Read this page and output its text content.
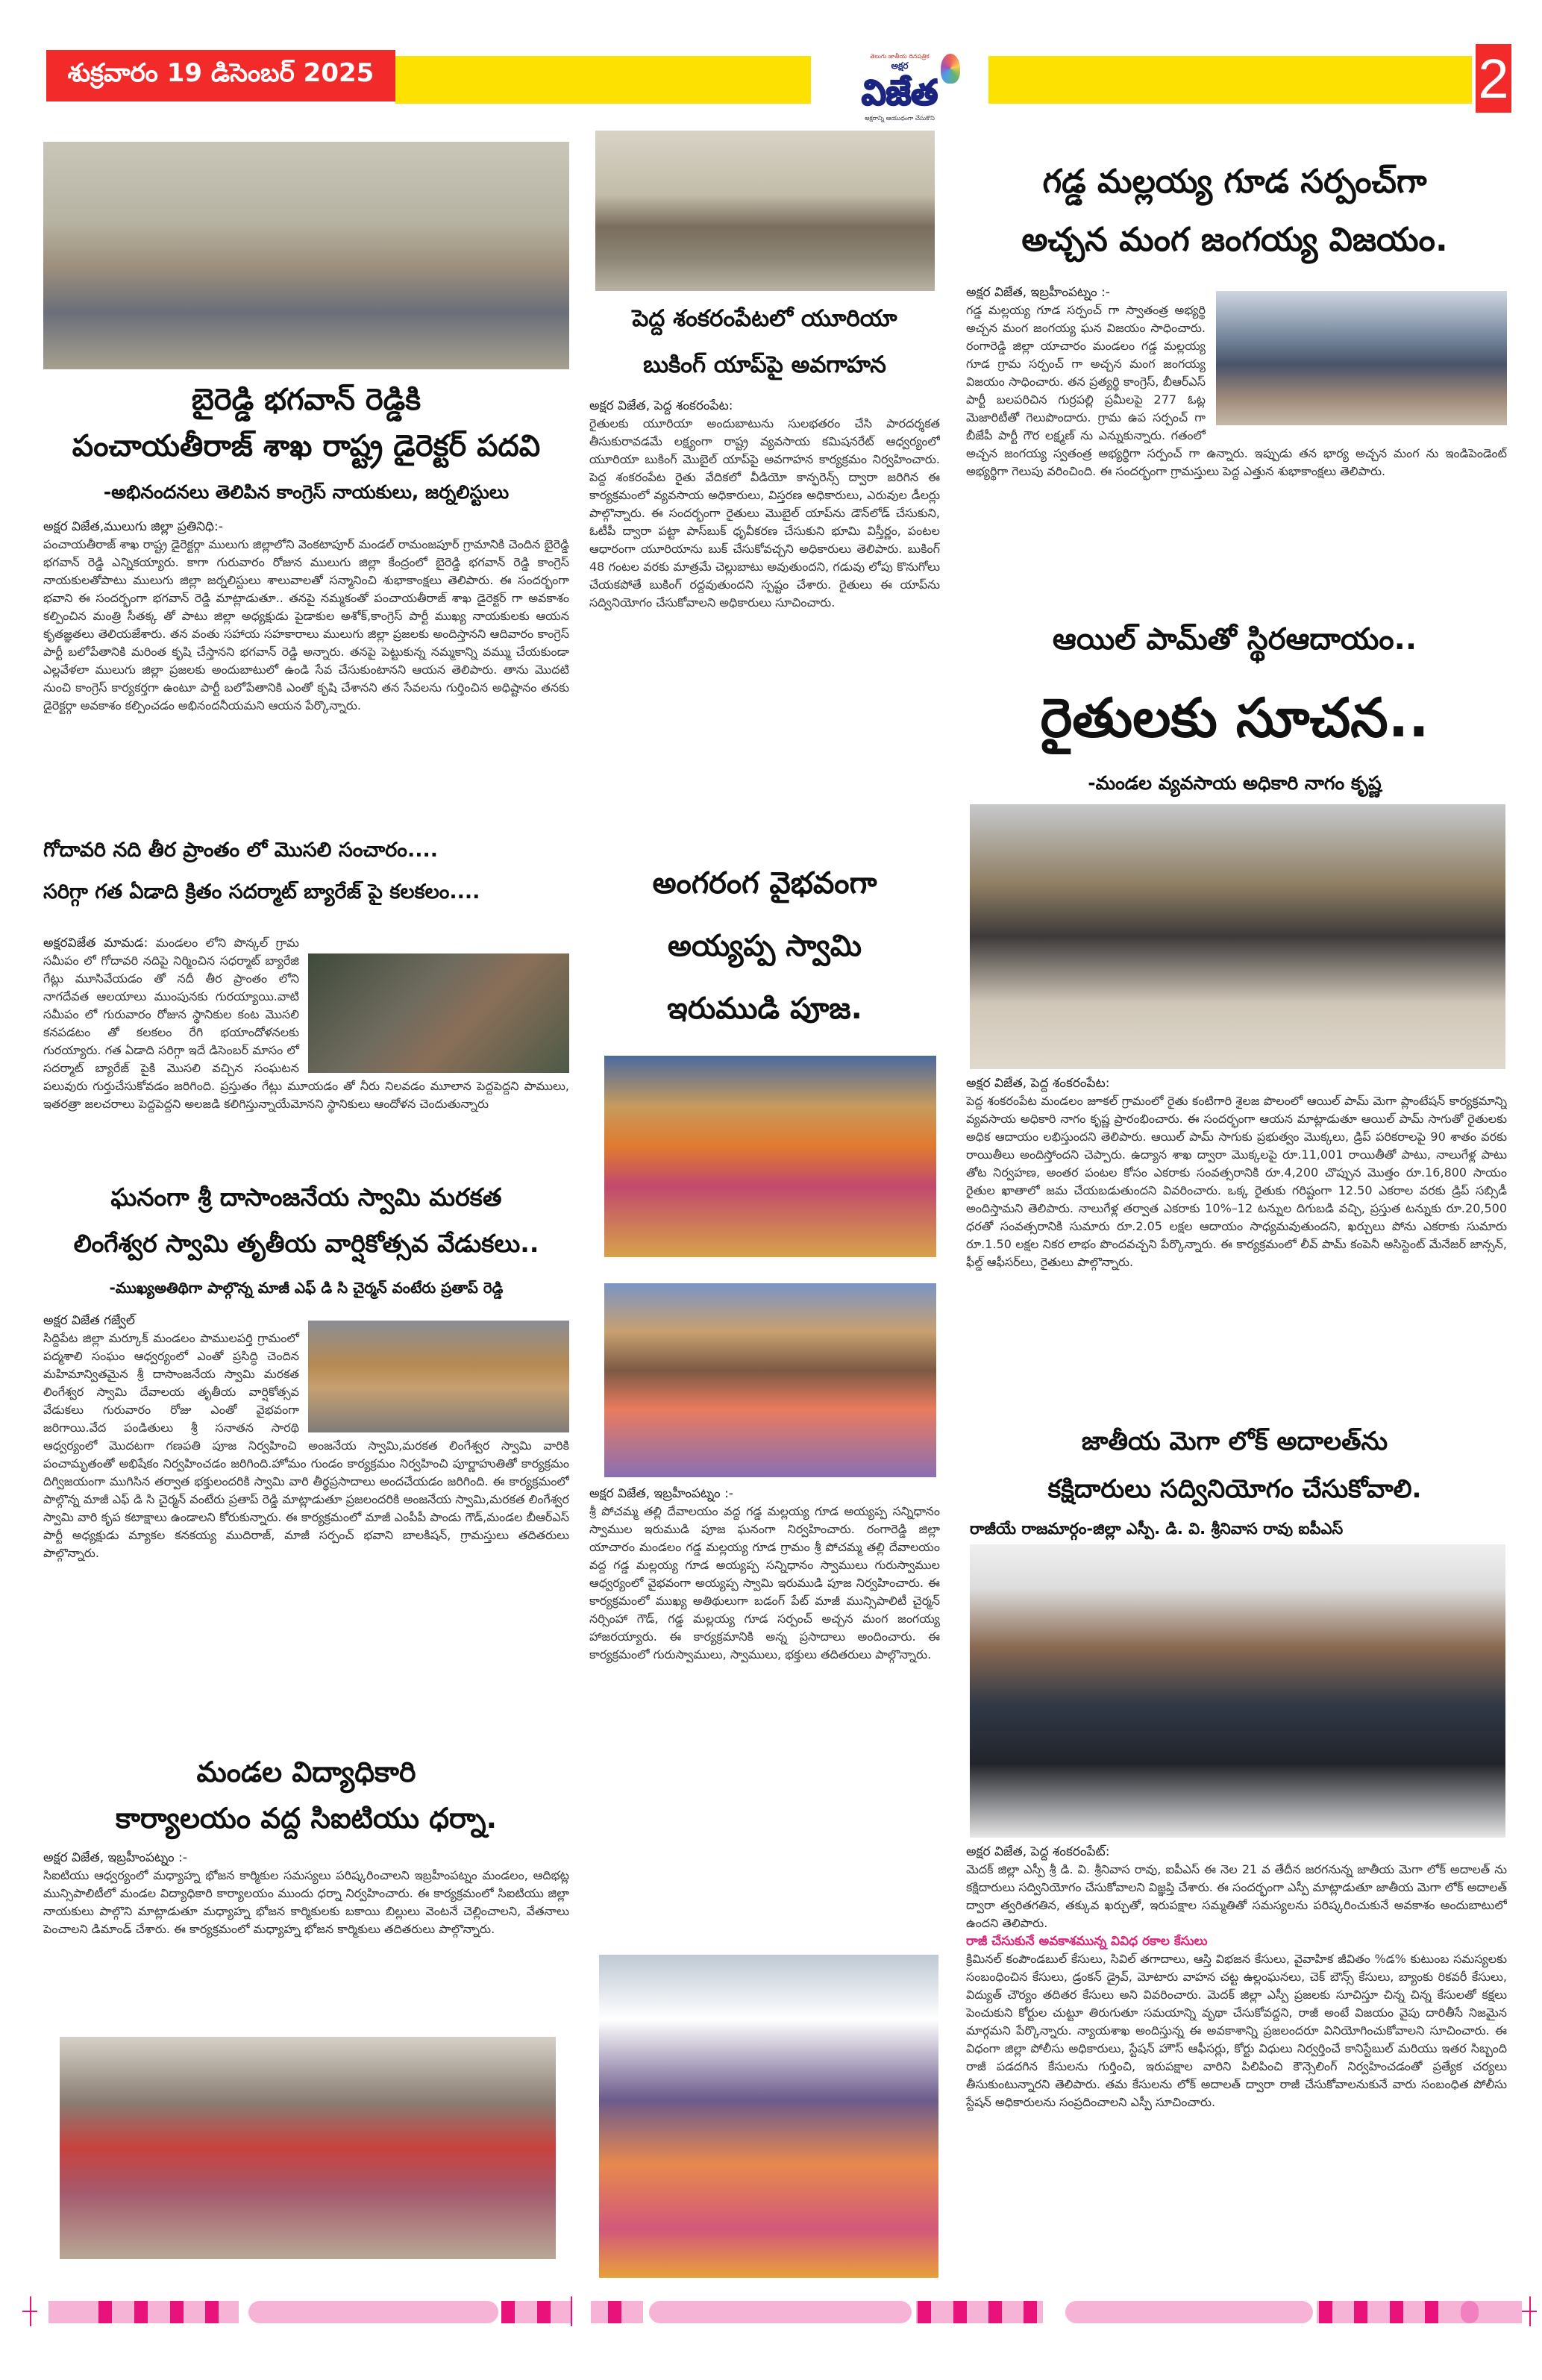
శుక్రవారం 19 డిసెంబర్ 2025
తెలుగు జాతీయ దినపత్రిక
అక్షర
విజేత
అక్షరాన్ని ఆయుధంగా చేసుకొని
2
బైరెడ్డి భగవాన్ రెడ్డికి
పంచాయతీరాజ్ శాఖ రాష్ట్ర డైరెక్టర్ పదవి
-అభినందనలు తెలిపిన కాంగ్రెస్ నాయకులు, జర్నలిస్టులు
అక్షర విజేత,ములుగు జిల్లా ప్రతినిధి:-

పంచాయతీరాజ్ శాఖ రాష్ట్ర డైరెక్టర్గా ములుగు జిల్లాలోని వెంకటాపూర్ మండల్ రామంజపూర్ గ్రామానికి చెందిన బైరెడ్డి భగవాన్ రెడ్డి ఎన్నికయ్యారు. కాగా గురువారం రోజున ములుగు జిల్లా కేంద్రంలో బైరెడ్డి భగవాన్ రెడ్డి కాంగ్రెస్ నాయకులతోపాటు ములుగు జిల్లా జర్నలిస్టులు శాలువాలతో సన్మానించి శుభాకాంక్షలు తెలిపారు. ఈ సందర్భంగా భవాని ఈ సందర్భంగా భగవాన్ రెడ్డి మాట్లాడుతూ.. తనపై నమ్మకంతో పంచాయతీరాజ్ శాఖ డైరెక్టర్ గా అవకాశం కల్పించిన మంత్రి సీతక్క తో పాటు జిల్లా అధ్యక్షుడు పైడాకుల అశోక్,కాంగ్రెస్ పార్టీ ముఖ్య నాయకులకు ఆయన కృతజ్ఞతలు తెలియజేశారు. తన వంతు సహాయ సహకారాలు ములుగు జిల్లా ప్రజలకు అందిస్తానని ఆదివారం కాంగ్రెస్ పార్టీ బలోపేతానికి మరింత కృషి చేస్తానని భగవాన్ రెడ్డి అన్నారు. తనపై పెట్టుకున్న నమ్మకాన్ని వమ్ము చేయకుండా ఎల్లవేళలా ములుగు జిల్లా ప్రజలకు అందుబాటులో ఉండి సేవ చేసుకుంటానని ఆయన తెలిపారు. తాను మొదటి నుంచి కాంగ్రెస్ కార్యకర్తగా ఉంటూ పార్టీ బలోపేతానికి ఎంతో కృషి చేశానని తన సేవలను గుర్తించిన అధిష్టానం తనకు డైరెక్టర్గా అవకాశం కల్పించడం అభినందనీయమని ఆయన పేర్కొన్నారు.

గోదావరి నది తీర ప్రాంతం లో మొసలి సంచారం....
సరిగ్గా గత ఏడాది క్రితం సదర్మాట్ బ్యారేజ్ పై కలకలం....
అక్షరవిజేత మామడ: మండలం లోని పొన్కల్ గ్రామ సమీపం లో గోదావరి నదిపై నిర్మించిన సధర్మాట్ బ్యారేజి గేట్లు మూసివేయడం తో నదీ తీర ప్రాంతం లోని నాగదేవత ఆలయాలు ముంపునకు గురయ్యాయి.వాటి సమీపం లో గురువారం రోజున స్థానికుల కంట మొసలి కనపడటం తో కలకలం రేగి భయాందోళనలకు గురయ్యారు. గత ఏడాది సరిగ్గా ఇదే డిసెంబర్ మాసం లో సదర్మాట్ బ్యారేజ్ పైకి మొసలి వచ్చిన సంఘటన పలువురు గుర్తుచేసుకోవడం జరిగింది. ప్రస్తుతం గేట్లు మూయడం తో నీరు నిలవడం మూలాన పెద్దపెద్దని పాములు, ఇతరత్రా జలచరాలు పెద్దపెద్దని అలజడి కలిగిస్తున్నాయేమోనని స్థానికులు ఆందోళన చెందుతున్నారు
ఘనంగా శ్రీ దాసాంజనేయ స్వామి మరకత
లింగేశ్వర స్వామి తృతీయ వార్షికోత్సవ వేడుకలు..
-ముఖ్యఅతిథిగా పాల్గొన్న మాజీ ఎఫ్ డి సి చైర్మన్ వంటేరు ప్రతాప్ రెడ్డి
అక్షర విజేత గజ్వేల్

సిద్దిపేట జిల్లా మర్కూక్ మండలం పాములపర్తి గ్రామంలో పద్మశాలి సంఘం ఆధ్వర్యంలో ఎంతో ప్రసిద్ధి చెందిన మహిమాన్వితమైన శ్రీ దాసాంజనేయ స్వామి మరకత లింగేశ్వర స్వామి దేవాలయ తృతీయ వార్షికోత్సవ వేడుకలు గురువారం రోజు ఎంతో వైభవంగా జరిగాయి.వేద పండితులు శ్రీ సనాతన సారథి ఆధ్వర్యంలో మొదటగా గణపతి పూజ నిర్వహించి అంజనేయ స్వామి,మరకత లింగేశ్వర స్వామి వారికి పంచామృతంతో అభిషేకం నిర్వహించడం జరిగింది.హోమం గుండం కార్యక్రమం నిర్వహించి పూర్ణాహుతితో కార్యక్రమం దిగ్విజయంగా ముగిసిన తర్వాత భక్తులందరికి స్వామి వారి తీర్థప్రసాదాలు అందచేయడం జరిగింది. ఈ కార్యక్రమంలో పాల్గొన్న మాజీ ఎఫ్ డి సి చైర్మన్ వంటేరు ప్రతాప్ రెడ్డి మాట్లాడుతూ ప్రజలందరికి అంజనేయ స్వామి,మరకత లింగేశ్వర స్వామి వారి కృప కటాక్షాలు ఉండాలని కోరుకున్నారు. ఈ కార్యక్రమంలో మాజీ ఎంపీపీ పాండు గౌడ్,మండల బీఆర్ఎస్ పార్టీ అధ్యక్షుడు మ్యాకల కనకయ్య ముదిరాజ్, మాజీ సర్పంచ్ భవాని బాలకిషన్, గ్రామస్తులు తదితరులు పాల్గొన్నారు.

మండల విద్యాధికారి
కార్యాలయం వద్ద సిఐటియు ధర్నా.
అక్షర విజేత, ఇబ్రహీంపట్నం :-

సిఐటియు ఆధ్వర్యంలో మధ్యాహ్న భోజన కార్మికుల సమస్యలు పరిష్కరించాలని ఇబ్రహీంపట్నం మండలం, ఆదిభట్ల మున్సిపాలిటీలో మండల విద్యాధికారి కార్యాలయం ముందు ధర్నా నిర్వహించారు. ఈ కార్యక్రమంలో సిఐటియు జిల్లా నాయకులు పాల్గొని మాట్లాడుతూ మధ్యాహ్న భోజన కార్మికులకు బకాయి బిల్లులు వెంటనే చెల్లించాలని, వేతనాలు పెంచాలని డిమాండ్ చేశారు. ఈ కార్యక్రమంలో మధ్యాహ్న భోజన కార్మికులు తదితరులు పాల్గొన్నారు.

పెద్ద శంకరంపేటలో యూరియా
బుకింగ్ యాప్‌పై అవగాహన
అక్షర విజేత, పెద్ద శంకరంపేట:

రైతులకు యూరియా అందుబాటును సులభతరం చేసి పారదర్శకత తీసుకురావడమే లక్ష్యంగా రాష్ట్ర వ్యవసాయ కమిషనరేట్ ఆధ్వర్యంలో యూరియా బుకింగ్ మొబైల్ యాప్‌పై అవగాహన కార్యక్రమం నిర్వహించారు. పెద్ద శంకరంపేట రైతు వేదికలో వీడియో కాన్ఫరెన్స్ ద్వారా జరిగిన ఈ కార్యక్రమంలో వ్యవసాయ అధికారులు, విస్తరణ అధికారులు, ఎరువుల డీలర్లు పాల్గొన్నారు. ఈ సందర్భంగా రైతులు మొబైల్ యాప్‌ను డౌన్‌లోడ్ చేసుకుని, ఓటీపీ ద్వారా పట్టా పాస్‌బుక్ ధృవీకరణ చేసుకుని భూమి విస్తీర్ణం, పంటల ఆధారంగా యూరియాను బుక్ చేసుకోవచ్చని అధికారులు తెలిపారు. బుకింగ్ 48 గంటల వరకు మాత్రమే చెల్లుబాటు అవుతుందని, గడువు లోపు కొనుగోలు చేయకపోతే బుకింగ్ రద్దవుతుందని స్పష్టం చేశారు. రైతులు ఈ యాప్‌ను సద్వినియోగం చేసుకోవాలని అధికారులు సూచించారు.

అంగరంగ వైభవంగా
అయ్యప్ప స్వామి
ఇరుముడి పూజ.
అక్షర విజేత, ఇబ్రహీంపట్నం :-

శ్రీ పోచమ్మ తల్లి దేవాలయం వద్ద గడ్డ మల్లయ్య గూడ అయ్యప్ప సన్నిధానం స్వాముల ఇరుముడి పూజ ఘనంగా నిర్వహించారు. రంగారెడ్డి జిల్లా యాచారం మండలం గడ్డ మల్లయ్య గూడ గ్రామం శ్రీ పోచమ్మ తల్లి దేవాలయం వద్ద గడ్డ మల్లయ్య గూడ అయ్యప్ప సన్నిధానం స్వాములు గురుస్వాముల ఆధ్వర్యంలో వైభవంగా అయ్యప్ప స్వామి ఇరుముడి పూజ నిర్వహించారు. ఈ కార్యక్రమంలో ముఖ్య అతిథులుగా బడంగ్ పేట్ మాజీ మున్సిపాలిటీ చైర్మన్ నర్సింహా గౌడ్, గడ్డ మల్లయ్య గూడ సర్పంచ్ అచ్చన మంగ జంగయ్య హాజరయ్యారు. ఈ కార్యక్రమానికి అన్న ప్రసాదాలు అందించారు. ఈ కార్యక్రమంలో గురుస్వాములు, స్వాములు, భక్తులు తదితరులు పాల్గొన్నారు.

గడ్డ మల్లయ్య గూడ సర్పంచ్‌గా
అచ్చన మంగ జంగయ్య విజయం.
అక్షర విజేత, ఇబ్రహీంపట్నం :-

గడ్డ మల్లయ్య గూడ సర్పంచ్ గా స్వాతంత్ర అభ్యర్థి అచ్చన మంగ జంగయ్య ఘన విజయం సాధించారు. రంగారెడ్డి జిల్లా యాచారం మండలం గడ్డ మల్లయ్య గూడ గ్రామ సర్పంచ్ గా అచ్చన మంగ జంగయ్య విజయం సాధించారు. తన ప్రత్యర్థి కాంగ్రెస్, బీఆర్ఎస్ పార్టీ బలపరిచిన గుర్రపల్లి ప్రమీలపై 277 ఓట్ల మెజారిటీతో గెలుపొందారు. గ్రామ ఉప సర్పంచ్ గా బీజేపీ పార్టీ గౌర లక్ష్మణ్ ను ఎన్నుకున్నారు. గతంలో అచ్చన జంగయ్య స్వతంత్ర అభ్యర్థిగా సర్పంచ్ గా ఉన్నారు. ఇప్పుడు తన భార్య అచ్చన మంగ ను ఇండిపెండెంట్ అభ్యర్థిగా గెలుపు వరించింది. ఈ సందర్భంగా గ్రామస్తులు పెద్ద ఎత్తున శుభాకాంక్షలు తెలిపారు.

ఆయిల్ పామ్‌తో స్థిరఆదాయం..
రైతులకు సూచన..
-మండల వ్యవసాయ అధికారి నాగం కృష్ణ
అక్షర విజేత, పెద్ద శంకరంపేట:

పెద్ద శంకరంపేట మండలం జూకల్ గ్రామంలో రైతు కంటిగారి శైలజ పొలంలో ఆయిల్ పామ్ మెగా ప్లాంటేషన్ కార్యక్రమాన్ని వ్యవసాయ అధికారి నాగం కృష్ణ ప్రారంభించారు. ఈ సందర్భంగా ఆయన మాట్లాడుతూ ఆయిల్ పామ్ సాగుతో రైతులకు అధిక ఆదాయం లభిస్తుందని తెలిపారు. ఆయిల్ పామ్ సాగుకు ప్రభుత్వం మొక్కలు, డ్రిప్ పరికరాలపై 90 శాతం వరకు రాయితీలు అందిస్తోందని చెప్పారు. ఉద్యాన శాఖ ద్వారా మొక్కలపై రూ.11,001 రాయితీతో పాటు, నాలుగేళ్ల పాటు తోట నిర్వహణ, అంతర పంటల కోసం ఎకరాకు సంవత్సరానికి రూ.4,200 చొప్పున మొత్తం రూ.16,800 సాయం రైతుల ఖాతాలో జమ చేయబడుతుందని వివరించారు. ఒక్క రైతుకు గరిష్టంగా 12.50 ఎకరాల వరకు డ్రిప్ సబ్సిడీ అందిస్తామని తెలిపారు. నాలుగేళ్ల తర్వాత ఎకరాకు 10%–12 టన్నుల దిగుబడి వచ్చి, ప్రస్తుత టన్నుకు రూ.20,500 ధరతో సంవత్సరానికి సుమారు రూ.2.05 లక్షల ఆదాయం సాధ్యమవుతుందని, ఖర్చులు పోను ఎకరాకు సుమారు రూ.1.50 లక్షల నికర లాభం పొందవచ్చని పేర్కొన్నారు. ఈ కార్యక్రమంలో లీవ్ పామ్ కంపెనీ అసిస్టెంట్ మేనేజర్ జాన్సన్, ఫీల్డ్ ఆఫీసర్‌లు, రైతులు పాల్గొన్నారు.

జాతీయ మెగా లోక్ అదాలత్‌ను
కక్షిదారులు సద్వినియోగం చేసుకోవాలి.
రాజీయే రాజమార్గం-జిల్లా ఎస్పీ. డి. వి. శ్రీనివాస రావు ఐపీఎస్
అక్షర విజేత, పెద్ద శంకరంపేట్:

మెదక్ జిల్లా ఎస్పీ శ్రీ డి. వి. శ్రీనివాస రావు, ఐపీఎస్ ఈ నెల 21 వ తేదీన జరగనున్న జాతీయ మెగా లోక్ అదాలత్ ను కక్షిదారులు సద్వినియోగం చేసుకోవాలని విజ్ఞప్తి చేశారు. ఈ సందర్భంగా ఎస్పీ మాట్లాడుతూ జాతీయ మెగా లోక్ అదాలత్ ద్వారా త్వరితగతిన, తక్కువ ఖర్చుతో, ఇరుపక్షాల సమ్మతితో సమస్యలను పరిష్కరించుకునే అవకాశం అందుబాటులో ఉందని తెలిపారు.

రాజీ చేసుకునే అవకాశమున్న వివిధ రకాల కేసులు

క్రిమినల్ కంపౌండబుల్ కేసులు, సివిల్ తగాదాలు, ఆస్తి విభజన కేసులు, వైవాహిక జీవితం %డ% కుటుంబ సమస్యలకు సంబంధించిన కేసులు, డ్రంకన్ డ్రైవ్, మోటారు వాహన చట్ట ఉల్లంఘనలు, చెక్ బౌన్స్ కేసులు, బ్యాంకు రికవరీ కేసులు, విద్యుత్ చౌర్యం తదితర కేసులు అని వివరించారు. మెదక్ జిల్లా ఎస్పీ ప్రజలకు సూచిస్తూ చిన్న చిన్న కేసులతో కక్షలు పెంచుకుని కోర్టుల చుట్టూ తిరుగుతూ సమయాన్ని వృథా చేసుకోవద్దని, రాజీ అంటే విజయం వైపు దారితీసే నిజమైన మార్గమని పేర్కొన్నారు. న్యాయశాఖ అందిస్తున్న ఈ అవకాశాన్ని ప్రజలందరూ వినియోగించుకోవాలని సూచించారు. ఈ విధంగా జిల్లా పోలీసు అధికారులు, స్టేషన్ హౌస్ ఆఫీసర్లు, కోర్టు విధులు నిర్వర్తించే కానిస్టేబుల్ మరియు ఇతర సిబ్బంది రాజీ పడదగిన కేసులను గుర్తించి, ఇరుపక్షాల వారిని పిలిపించి కౌన్సెలింగ్ నిర్వహించడంతో ప్రత్యేక చర్యలు తీసుకుంటున్నారని తెలిపారు. తమ కేసులను లోక్ అదాలత్ ద్వారా రాజీ చేసుకోవాలనుకునే వారు సంబంధిత పోలీసు స్టేషన్ అధికారులను సంప్రదించాలని ఎస్పీ సూచించారు.
